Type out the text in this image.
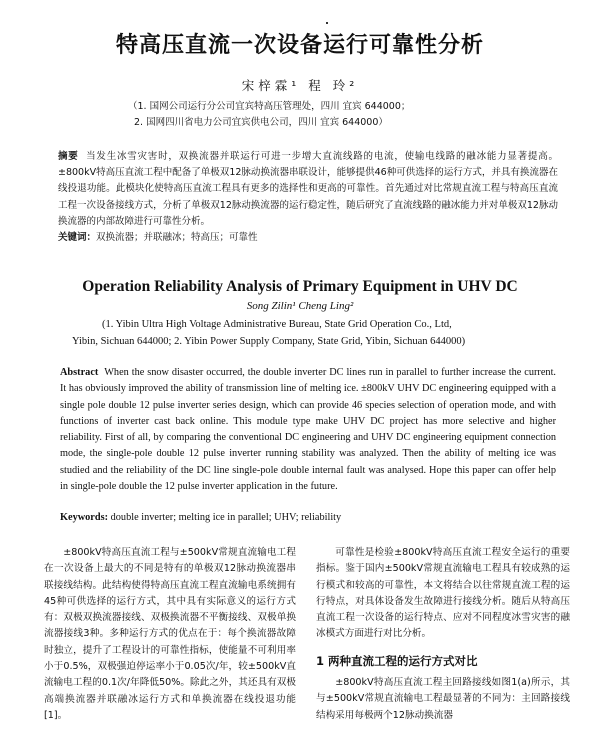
特高压直流一次设备运行可靠性分析
宋梓霖¹ 程 玲²
（1. 国网公司运行分公司宜宾特高压管理处，四川 宜宾 644000；
2. 国网四川省电力公司宜宾供电公司，四川 宜宾 644000）
摘要 当发生冰雪灾害时，双换流器并联运行可进一步增大直流线路的电流，使输电线路的融冰能力显著提高。±800kV特高压直流工程中配备了单极双12脉动换流器串联设计，能够提供46种可供选择的运行方式，并具有换流器在线投退功能。此模块化使特高压直流工程具有更多的选择性和更高的可靠性。首先通过对比常规直流工程与特高压直流工程一次设备接线方式，分析了单极双12脉动换流器的运行稳定性，随后研究了直流线路的融冰能力并对单极双12脉动换流器的内部故障进行可靠性分析。
关键词：双换流器；并联融冰；特高压；可靠性
Operation Reliability Analysis of Primary Equipment in UHV DC
Song Zilin¹ Cheng Ling²
(1. Yibin Ultra High Voltage Administrative Bureau, State Grid Operation Co., Ltd,
Yibin, Sichuan 644000; 2. Yibin Power Supply Company, State Grid, Yibin, Sichuan 644000)
Abstract When the snow disaster occurred, the double inverter DC lines run in parallel to further increase the current. It has obviously improved the ability of transmission line of melting ice. ±800kV UHV DC engineering equipped with a single pole double 12 pulse inverter series design, which can provide 46 species selection of operation mode, and with functions of inverter cast back online. This module type make UHV DC project has more selective and higher reliability. First of all, by comparing the conventional DC engineering and UHV DC engineering equipment connection mode, the single-pole double 12 pulse inverter running stability was analyzed. Then the ability of melting ice was studied and the reliability of the DC line single-pole double internal fault was analysed. Hope this paper can offer help in single-pole double the 12 pulse inverter application in the future.
Keywords: double inverter; melting ice in parallel; UHV; reliability
±800kV特高压直流工程与±500kV常规直流输电工程在一次设备上最大的不同是特有的单极双12脉动换流器串联接线结构。此结构使得特高压直流工程直流输电系统拥有45种可供选择的运行方式，其中具有实际意义的运行方式有：双极双换流器接线、双极换流器不平衡接线、双极单换流器接线3种。多种运行方式的优点在于：每个换流器故障时独立，提升了工程设计的可靠性指标，使能量不可利用率小于0.5%，双极强迫停运率小于0.05次/年，较±500kV直流输电工程的0.1次/年降低50%。除此之外，其还具有双极高端换流器并联融冰运行方式和单换流器在线投退功能[1]。
可靠性是检验±800kV特高压直流工程安全运行的重要指标。鉴于国内±500kV常规直流输电工程具有较成熟的运行模式和较高的可靠性，本文将结合以往常规直流工程的运行特点，对具体设备发生故障进行接线分析。随后从特高压直流工程一次设备的运行特点、应对不同程度冰雪灾害的融冰模式方面进行对比分析。
1 两种直流工程的运行方式对比
±800kV特高压直流工程主回路接线如图1(a)所示，其与±500kV常规直流输电工程最显著的不同为：主回路接线结构采用每极两个12脉动换流器
